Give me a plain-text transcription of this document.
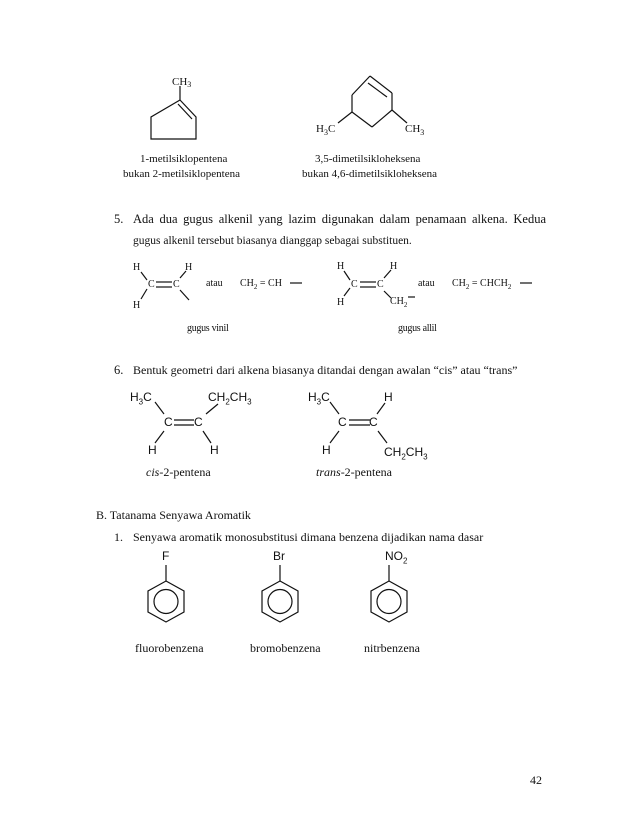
CH3
$H_3C$	$CH_3$
1-metilsiklopentena
bukan 2-metilsiklopentena
3,5-dimetilsikloheksena
bukan 4,6-dimetilsikloheksena
5. Ada dua gugus alkenil yang lazim digunakan dalam penamaan alkena. Kedua
gugus alkenil tersebut biasanya dianggap sebagai substituen.
H	H
H
C C	atau $CH_2$ = CH
gugus vinil
H	H
H
C C
$CH_2$
atau $CH_2$ = $CHCH_2$
gugus allil
6. Bentuk geometri dari alkena biasanya ditandai dengan awalan “cis” atau “trans”
$H_3C$	$CH_2CH_3$
C C
H	H
cis-2-pentena
$H_3C$	H
C C
H	$CH_2CH_3$
trans-2-pentena
B. Tatanama Senyawa Aromatik
1. Senyawa aromatik monosubstitusi dimana benzena dijadikan nama dasar
F	Br	$NO_2$
fluorobenzena	bromobenzena	nitrbenzena
42
